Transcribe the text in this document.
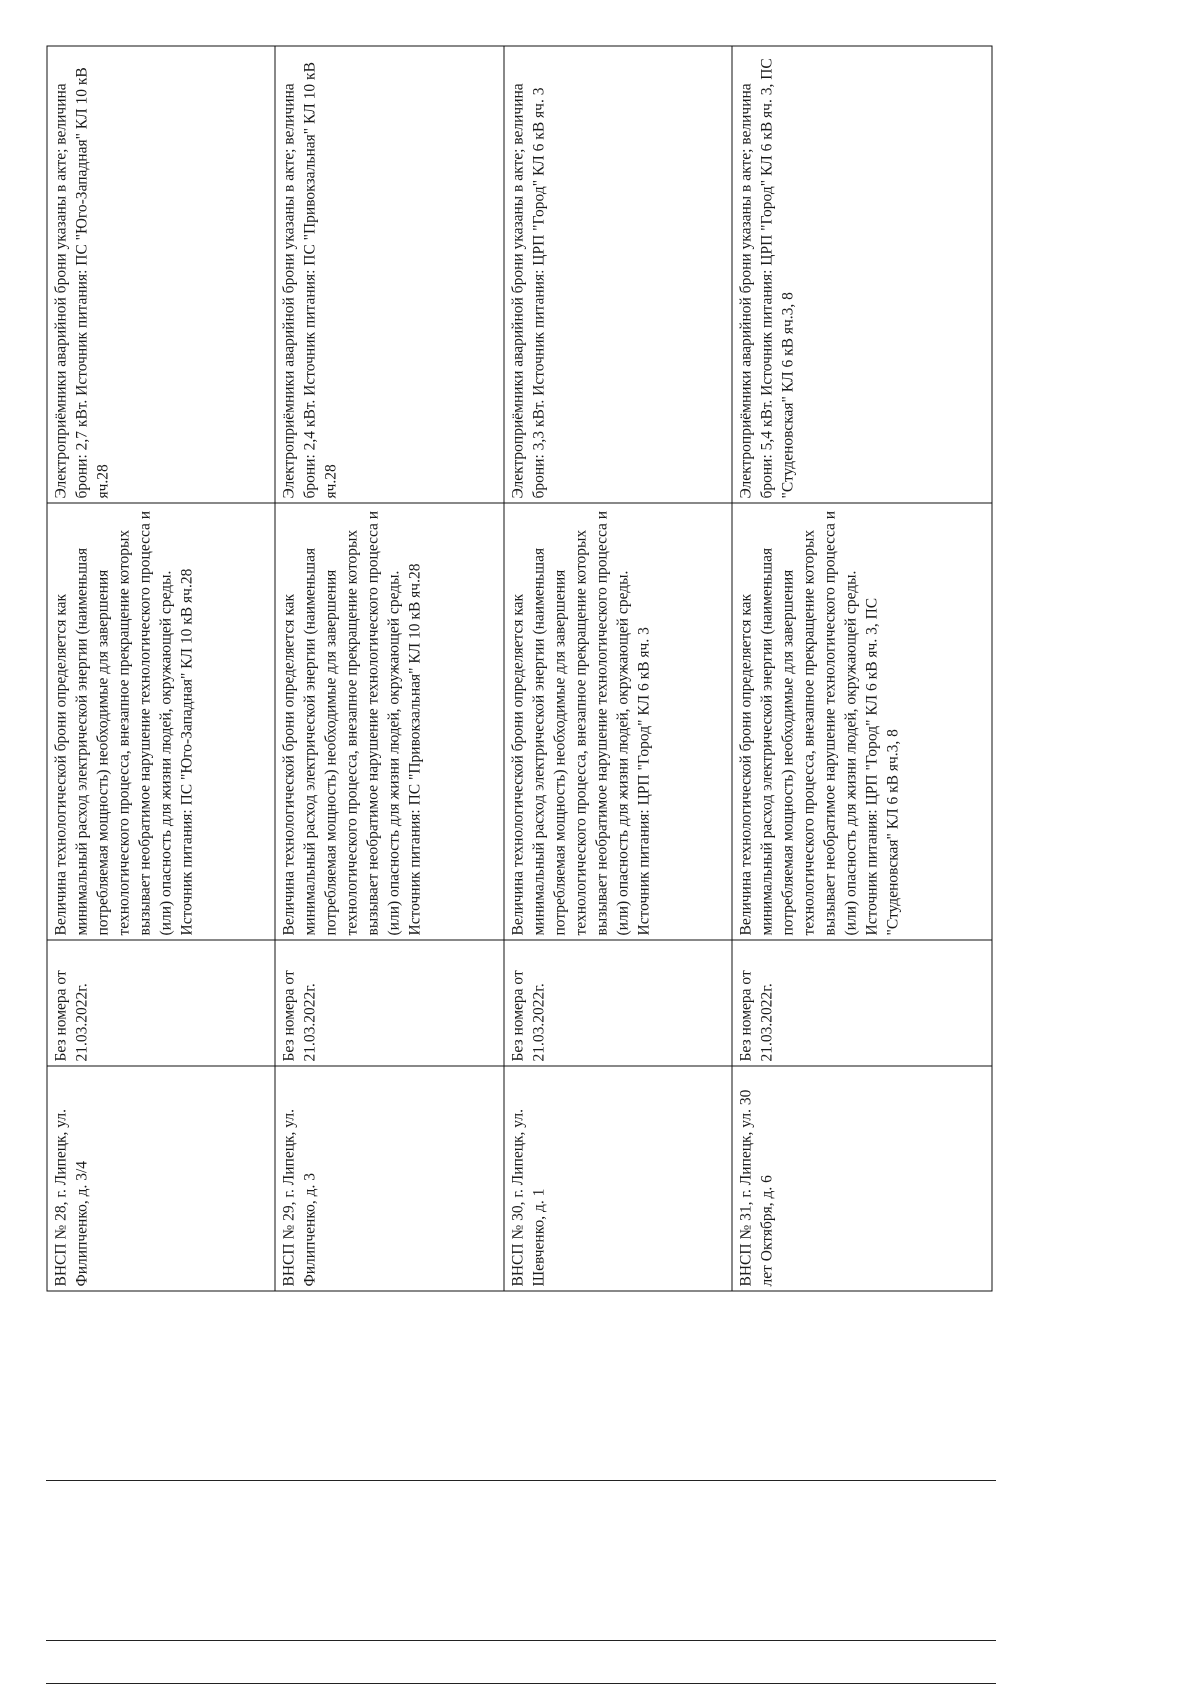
ВНСП № 28, г. Липецк, ул. Филипченко, д. 3/4	Без номера от 21.03.2022г.	Величина технологической брони определяется как минимальный расход электрической энергии (наименьшая потребляемая мощность) необходимые для завершения технологического процесса, внезапное прекращение которых вызывает необратимое нарушение технологического процесса и (или) опасность для жизни людей, окружающей среды. Источник питания: ПС "Юго-Западная" КЛ 10 кВ яч.28	Электроприёмники аварийной брони указаны в акте; величина брони: 2,7 кВт. Источник питания: ПС "Юго-Западная" КЛ 10 кВ яч.28
ВНСП № 29, г. Липецк, ул. Филипченко, д. 3	Без номера от 21.03.2022г.	Величина технологической брони определяется как минимальный расход электрической энергии (наименьшая потребляемая мощность) необходимые для завершения технологического процесса, внезапное прекращение которых вызывает необратимое нарушение технологического процесса и (или) опасность для жизни людей, окружающей среды. Источник питания: ПС "Привокзальная" КЛ 10 кВ яч.28	Электроприёмники аварийной брони указаны в акте; величина брони: 2,4 кВт. Источник питания: ПС "Привокзальная" КЛ 10 кВ яч.28
ВНСП № 30, г. Липецк, ул. Шевченко, д. 1	Без номера от 21.03.2022г.	Величина технологической брони определяется как минимальный расход электрической энергии (наименьшая потребляемая мощность) необходимые для завершения технологического процесса, внезапное прекращение которых вызывает необратимое нарушение технологического процесса и (или) опасность для жизни людей, окружающей среды. Источник питания: ЦРП "Город" КЛ 6 кВ яч. 3	Электроприёмники аварийной брони указаны в акте; величина брони: 3,3 кВт. Источник питания: ЦРП "Город" КЛ 6 кВ яч. 3
ВНСП № 31, г. Липецк, ул. 30 лет Октября, д. 6	Без номера от 21.03.2022г.	Величина технологической брони определяется как минимальный расход электрической энергии (наименьшая потребляемая мощность) необходимые для завершения технологического процесса, внезапное прекращение которых вызывает необратимое нарушение технологического процесса и (или) опасность для жизни людей, окружающей среды. Источник питания: ЦРП "Город" КЛ 6 кВ яч. 3, ПС "Студеновская" КЛ 6 кВ яч.3, 8	Электроприёмники аварийной брони указаны в акте; величина брони: 5,4 кВт. Источник питания: ЦРП "Город" КЛ 6 кВ яч. 3, ПС "Студеновская" КЛ 6 кВ яч.3, 8
